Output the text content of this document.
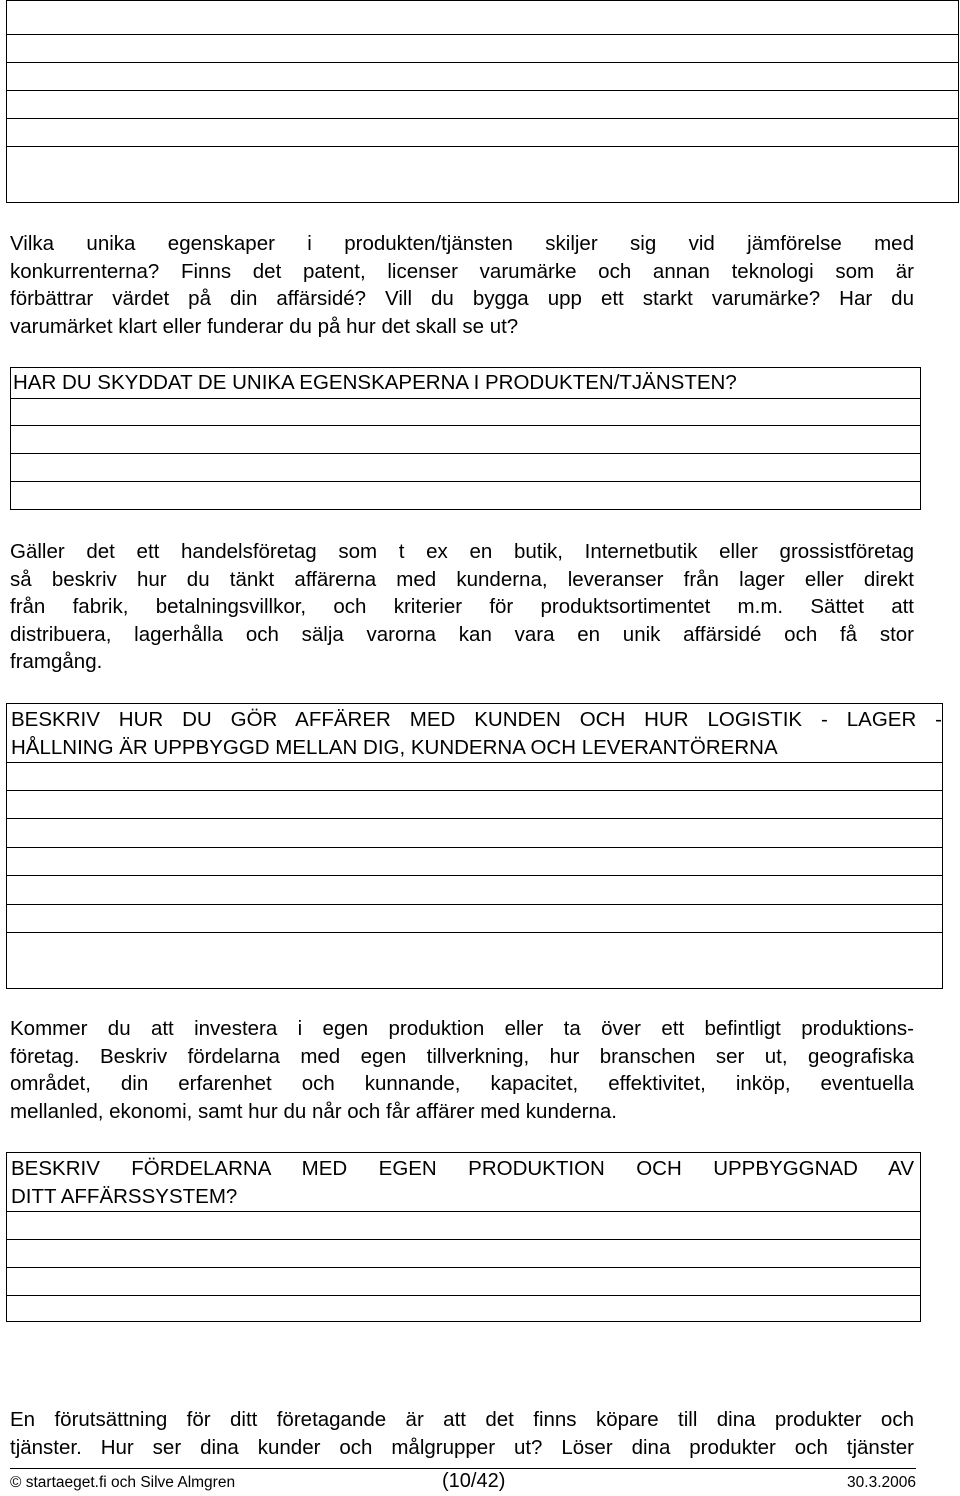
Vilka unika egenskaper i produkten/tjänsten skiljer sig vid jämförelse med
konkurrenterna? Finns det patent, licenser varumärke och annan teknologi som är
förbättrar värdet på din affärsidé? Vill du bygga upp ett starkt varumärke? Har du
varumärket klart eller funderar du på hur det skall se ut?
HAR DU SKYDDAT DE UNIKA EGENSKAPERNA I PRODUKTEN/TJÄNSTEN?
Gäller det ett handelsföretag som t ex en butik, Internetbutik eller grossistföretag
så beskriv hur du tänkt affärerna med kunderna, leveranser från lager eller direkt
från fabrik, betalningsvillkor, och kriterier för produktsortimentet m.m. Sättet att
distribuera, lagerhålla och sälja varorna kan vara en unik affärsidé och få stor
framgång.
BESKRIV HUR DU GÖR AFFÄRER MED KUNDEN OCH HUR LOGISTIK - LAGER -
HÅLLNING ÄR UPPBYGGD MELLAN DIG, KUNDERNA OCH LEVERANTÖRERNA
Kommer du att investera i egen produktion eller ta över ett befintligt produktions-
företag. Beskriv fördelarna med egen tillverkning, hur branschen ser ut, geografiska
området, din erfarenhet och kunnande, kapacitet, effektivitet, inköp, eventuella
mellanled, ekonomi, samt hur du når och får affärer med kunderna.
BESKRIV FÖRDELARNA MED EGEN PRODUKTION OCH UPPBYGGNAD AV
DITT AFFÄRSSYSTEM?
En förutsättning för ditt företagande är att det finns köpare till dina produkter och
tjänster. Hur ser dina kunder och målgrupper ut? Löser dina produkter och tjänster
© startaeget.fi och Silve Almgren	(10/42)	30.3.2006
